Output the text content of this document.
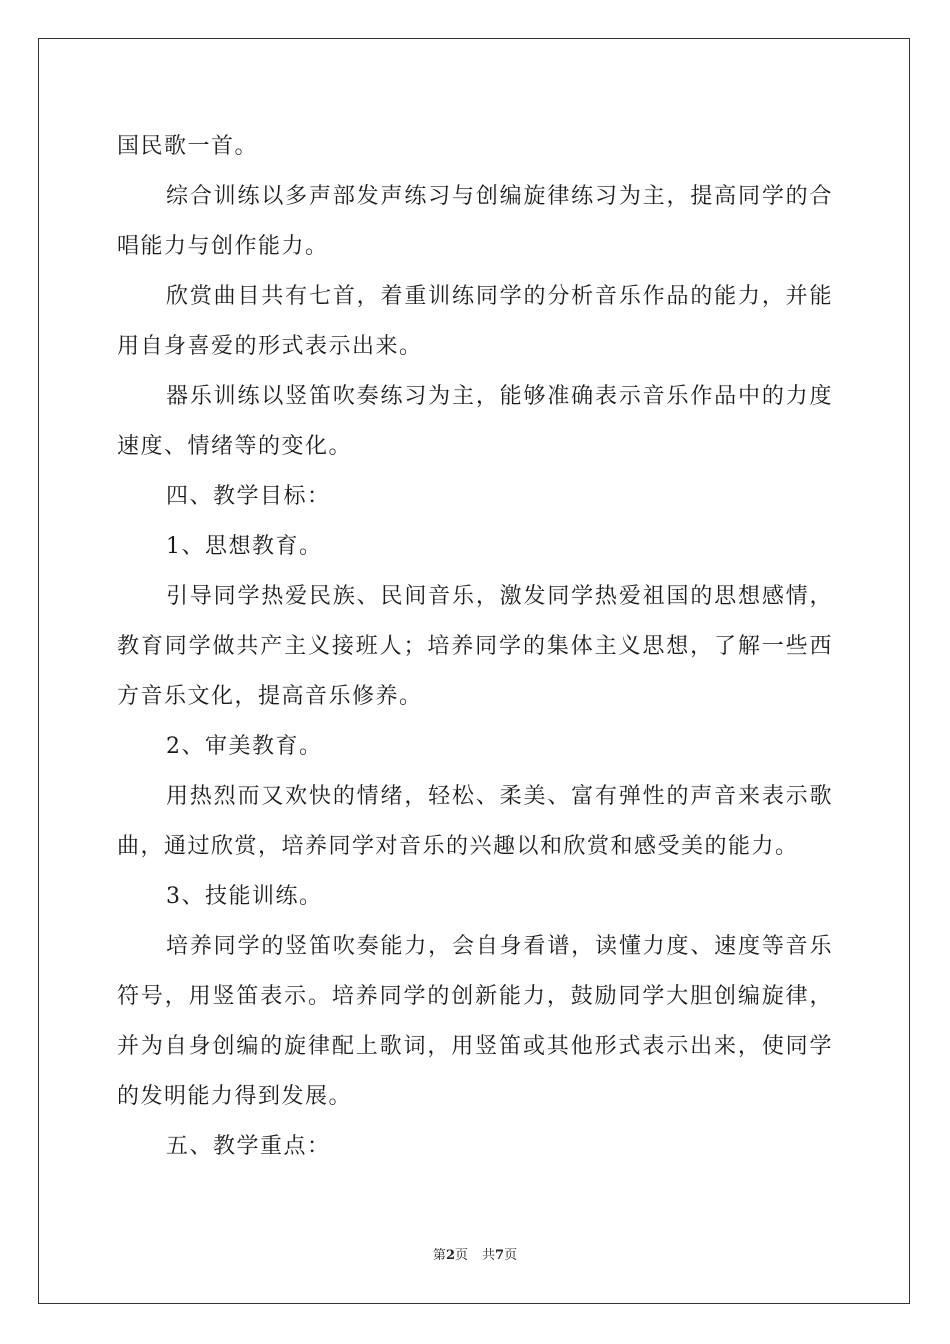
国民歌一首。

综合训练以多声部发声练习与创编旋律练习为主，提高同学的合唱能力与创作能力。

欣赏曲目共有七首，着重训练同学的分析音乐作品的能力，并能用自身喜爱的形式表示出来。

器乐训练以竖笛吹奏练习为主，能够准确表示音乐作品中的力度速度、情绪等的变化。

四、教学目标：

1、思想教育。

引导同学热爱民族、民间音乐，激发同学热爱祖国的思想感情，教育同学做共产主义接班人；培养同学的集体主义思想，了解一些西方音乐文化，提高音乐修养。

2、审美教育。

用热烈而又欢快的情绪，轻松、柔美、富有弹性的声音来表示歌曲，通过欣赏，培养同学对音乐的兴趣以和欣赏和感受美的能力。

3、技能训练。

培养同学的竖笛吹奏能力，会自身看谱，读懂力度、速度等音乐符号，用竖笛表示。培养同学的创新能力，鼓励同学大胆创编旋律，并为自身创编的旋律配上歌词，用竖笛或其他形式表示出来，使同学的发明能力得到发展。

五、教学重点：

第2页 共7页
